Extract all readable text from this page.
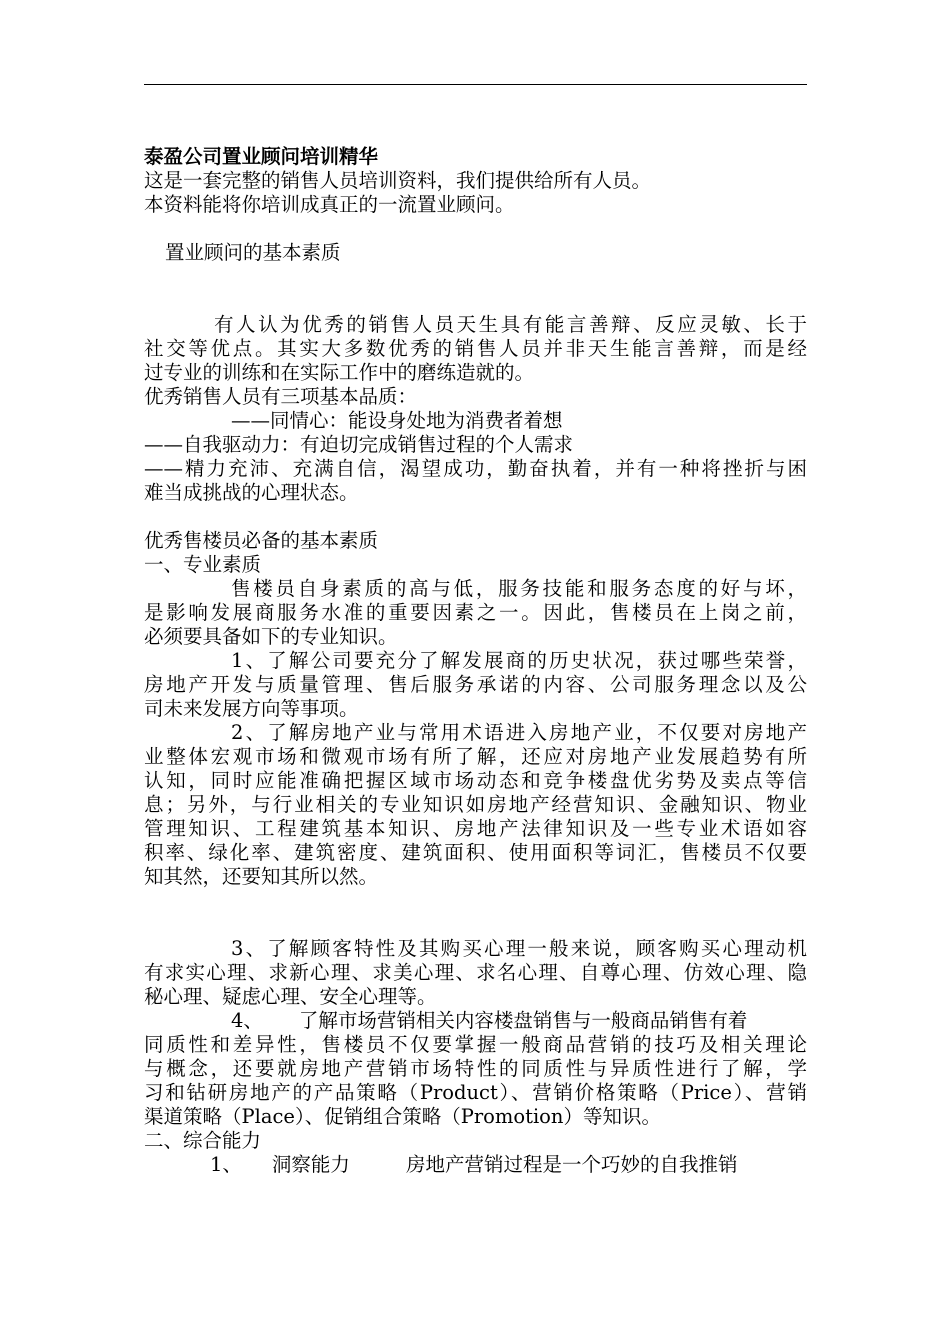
泰盈公司置业顾问培训精华
这是一套完整的销售人员培训资料，我们提供给所有人员。
本资料能将你培训成真正的一流置业顾问。
置业顾问的基本素质
有人认为优秀的销售人员天生具有能言善辩、反应灵敏、长于
社交等优点。其实大多数优秀的销售人员并非天生能言善辩，而是经
过专业的训练和在实际工作中的磨练造就的。
优秀销售人员有三项基本品质：
——同情心：能设身处地为消费者着想
——自我驱动力：有迫切完成销售过程的个人需求
——精力充沛、充满自信，渴望成功，勤奋执着，并有一种将挫折与困
难当成挑战的心理状态。
优秀售楼员必备的基本素质
一、专业素质
售楼员自身素质的高与低，服务技能和服务态度的好与坏，
是影响发展商服务水准的重要因素之一。因此，售楼员在上岗之前，
必须要具备如下的专业知识。
1、了解公司要充分了解发展商的历史状况，获过哪些荣誉，
房地产开发与质量管理、售后服务承诺的内容、公司服务理念以及公
司未来发展方向等事项。
2、了解房地产业与常用术语进入房地产业，不仅要对房地产
业整体宏观市场和微观市场有所了解，还应对房地产业发展趋势有所
认知，同时应能准确把握区域市场动态和竞争楼盘优劣势及卖点等信
息；另外，与行业相关的专业知识如房地产经营知识、金融知识、物业
管理知识、工程建筑基本知识、房地产法律知识及一些专业术语如容
积率、绿化率、建筑密度、建筑面积、使用面积等词汇，售楼员不仅要
知其然，还要知其所以然。
3、了解顾客特性及其购买心理一般来说，顾客购买心理动机
有求实心理、求新心理、求美心理、求名心理、自尊心理、仿效心理、隐
秘心理、疑虑心理、安全心理等。
4、 了解市场营销相关内容楼盘销售与一般商品销售有着
同质性和差异性，售楼员不仅要掌握一般商品营销的技巧及相关理论
与概念，还要就房地产营销市场特性的同质性与异质性进行了解，学
习和钻研房地产的产品策略（Product）、营销价格策略（Price）、营销
渠道策略（Place）、促销组合策略（Promotion）等知识。
二、综合能力
1、 洞察能力	房地产营销过程是一个巧妙的自我推销
